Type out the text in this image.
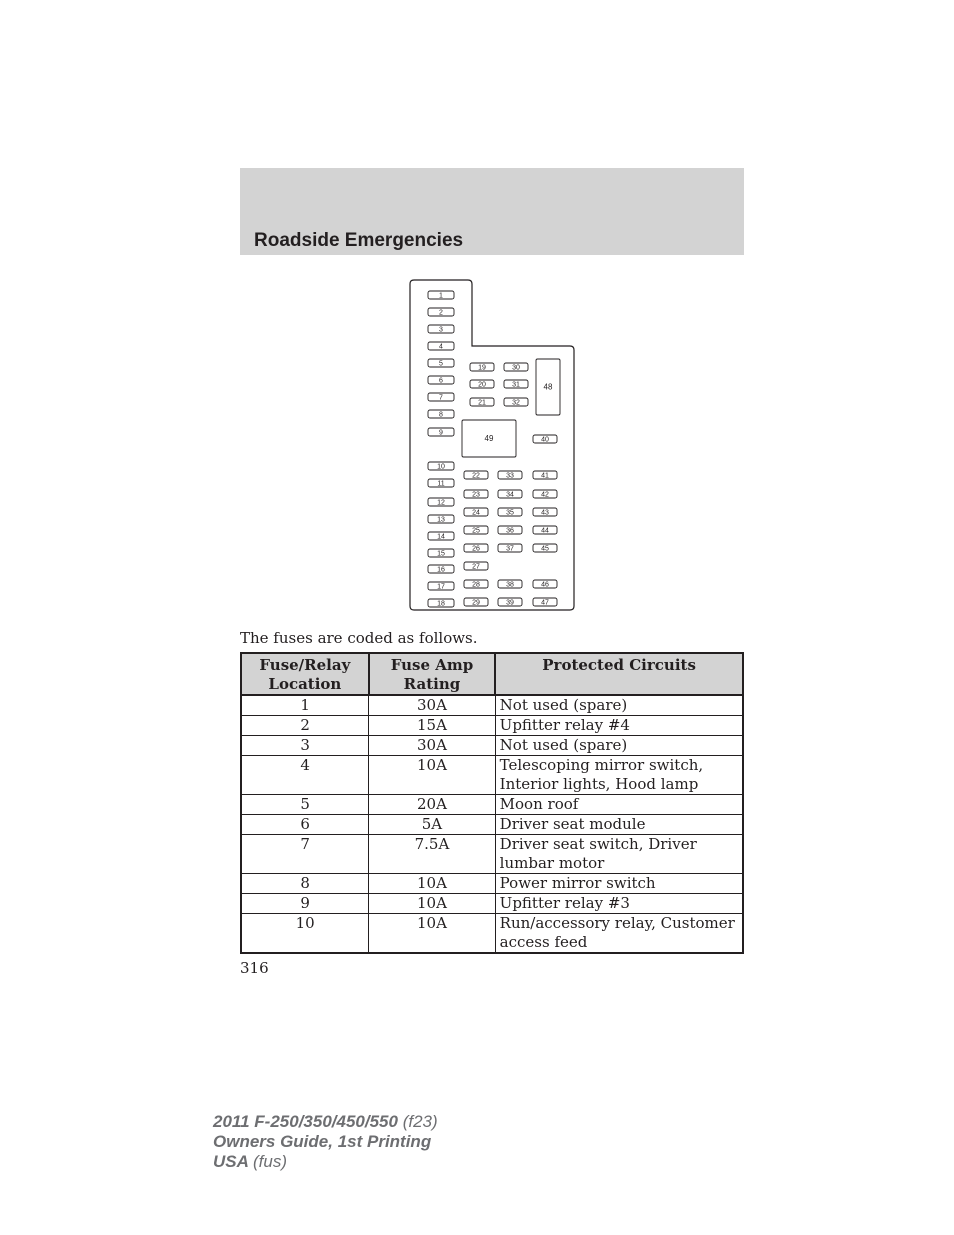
Roadside Emergencies
1
2
3
4
5
6
7
8
9
10
11
12
13
14
15
16
17
18
19
20
21
22
23
24
25
26
27
28
29
30
31
32
33
34
35
36
37
38
39
40
41
42
43
44
45
46
47
48
49

The fuses are coded as follows.

Fuse/Relay Location	Fuse Amp Rating	Protected Circuits
1	30A	Not used (spare)
2	15A	Upfitter relay #4
3	30A	Not used (spare)
4	10A	Telescoping mirror switch, Interior lights, Hood lamp
5	20A	Moon roof
6	5A	Driver seat module
7	7.5A	Driver seat switch, Driver lumbar motor
8	10A	Power mirror switch
9	10A	Upfitter relay #3
10	10A	Run/accessory relay, Customer access feed

316

2011 F-250/350/450/550 (f23)
Owners Guide, 1st Printing
USA (fus)
